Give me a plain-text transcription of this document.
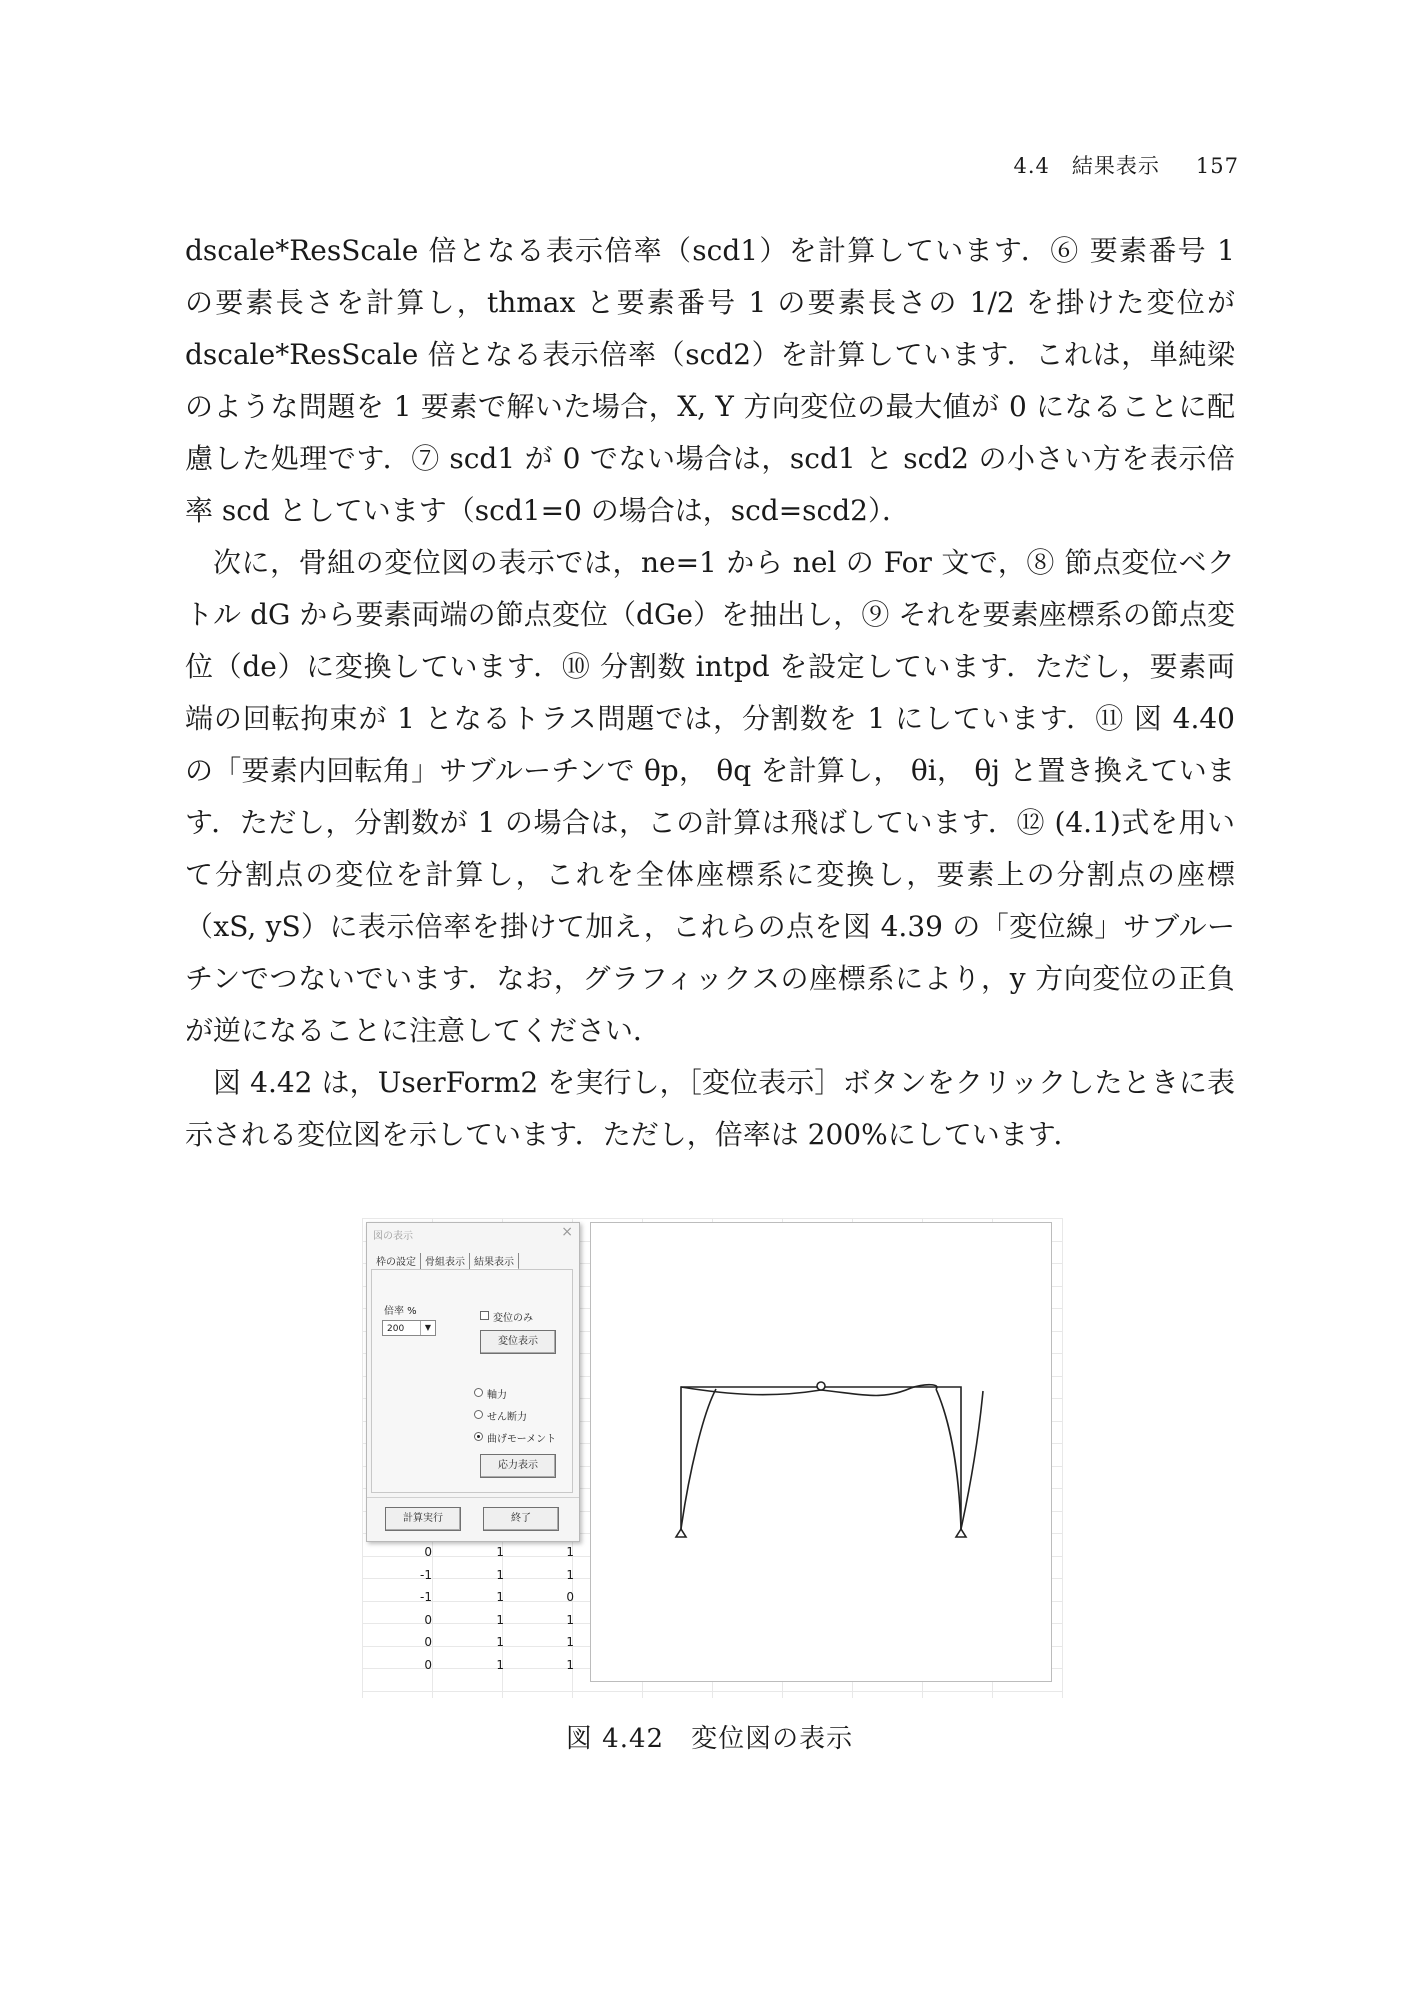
4.4　結果表示 157

dscale*ResScale 倍となる表示倍率（scd1）を計算しています．⑥ 要素番号 1 の要素長さを計算し，thmax と要素番号 1 の要素長さの 1/2 を掛けた変位が dscale*ResScale 倍となる表示倍率（scd2）を計算しています．これは，単純梁のような問題を 1 要素で解いた場合，X, Y 方向変位の最大値が 0 になることに配慮した処理です．⑦ scd1 が 0 でない場合は，scd1 と scd2 の小さい方を表示倍率 scd としています（scd1=0 の場合は，scd=scd2）．

次に，骨組の変位図の表示では，ne=1 から nel の For 文で，⑧ 節点変位ベクトル dG から要素両端の節点変位（dGe）を抽出し，⑨ それを要素座標系の節点変位（de）に変換しています．⑩ 分割数 intpd を設定しています．ただし，要素両端の回転拘束が 1 となるトラス問題では，分割数を 1 にしています．⑪ 図 4.40 の「要素内回転角」サブルーチンで θp， θq を計算し， θi， θj と置き換えています．ただし，分割数が 1 の場合は，この計算は飛ばしています．⑫ (4.1)式を用いて分割点の変位を計算し，これを全体座標系に変換し，要素上の分割点の座標（xS, yS）に表示倍率を掛けて加え，これらの点を図 4.39 の「変位線」サブルーチンでつないでいます．なお，グラフィックスの座標系により，y 方向変位の正負が逆になることに注意してください．

図 4.42 は，UserForm2 を実行し，［変位表示］ボタンをクリックしたときに表示される変位図を示しています．ただし，倍率は 200%にしています．

図の表示	×
枠の設定 骨組表示 結果表示
倍率 %
200	▼
変位のみ
変位表示
軸力
せん断力
曲げモーメント
応力表示
計算実行	終了
0	1	1
-1	1	1
-1	1	0
0	1	1
0	1	1
0	1	1
図 4.42　変位図の表示
